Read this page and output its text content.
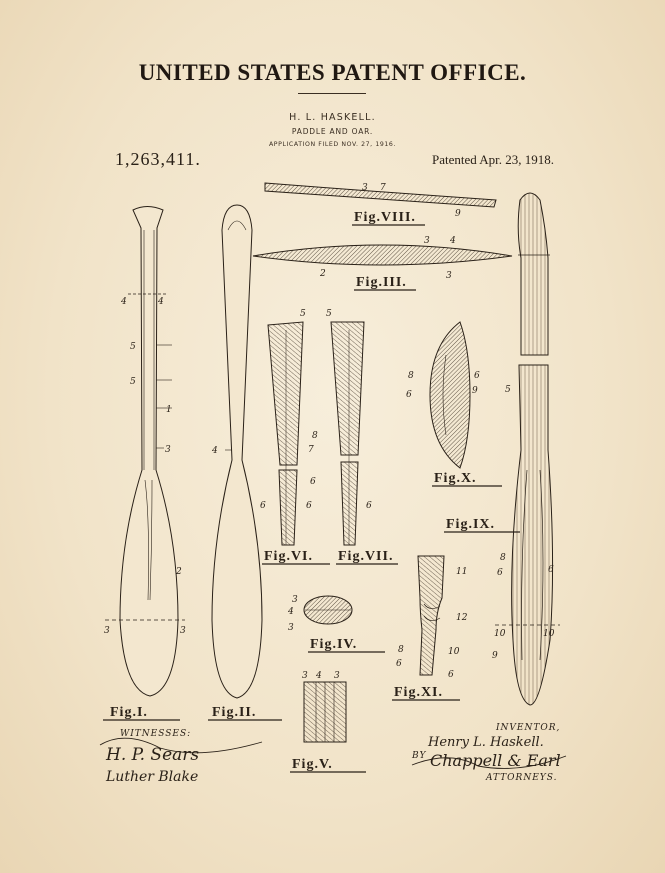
UNITED STATES PATENT OFFICE.
H. L. HASKELL.
PADDLE AND OAR.
APPLICATION FILED NOV. 27, 1916.
1,263,411.	Patented Apr. 23, 1918.
Fig.I.	Fig.II.
Fig.III.
Fig.IV.
Fig.V.
Fig.VI. Fig.VII.
Fig.VIII.
Fig.IX.
Fig.X.
Fig.XI.
4	4
5
5
1
3
2
3	3
4
3 7
9
3 4
2	3
5 5
7
8
6
6	6	6
8
6
6
9	5
8
6	6
10	10
9
3
4
3
3 4 3
11
12
8
6
10
6
WITNESSES:
H. P. Sears
Luther Blake
INVENTOR,
Henry L. Haskell.
BY Chappell & Earl
ATTORNEYS.
